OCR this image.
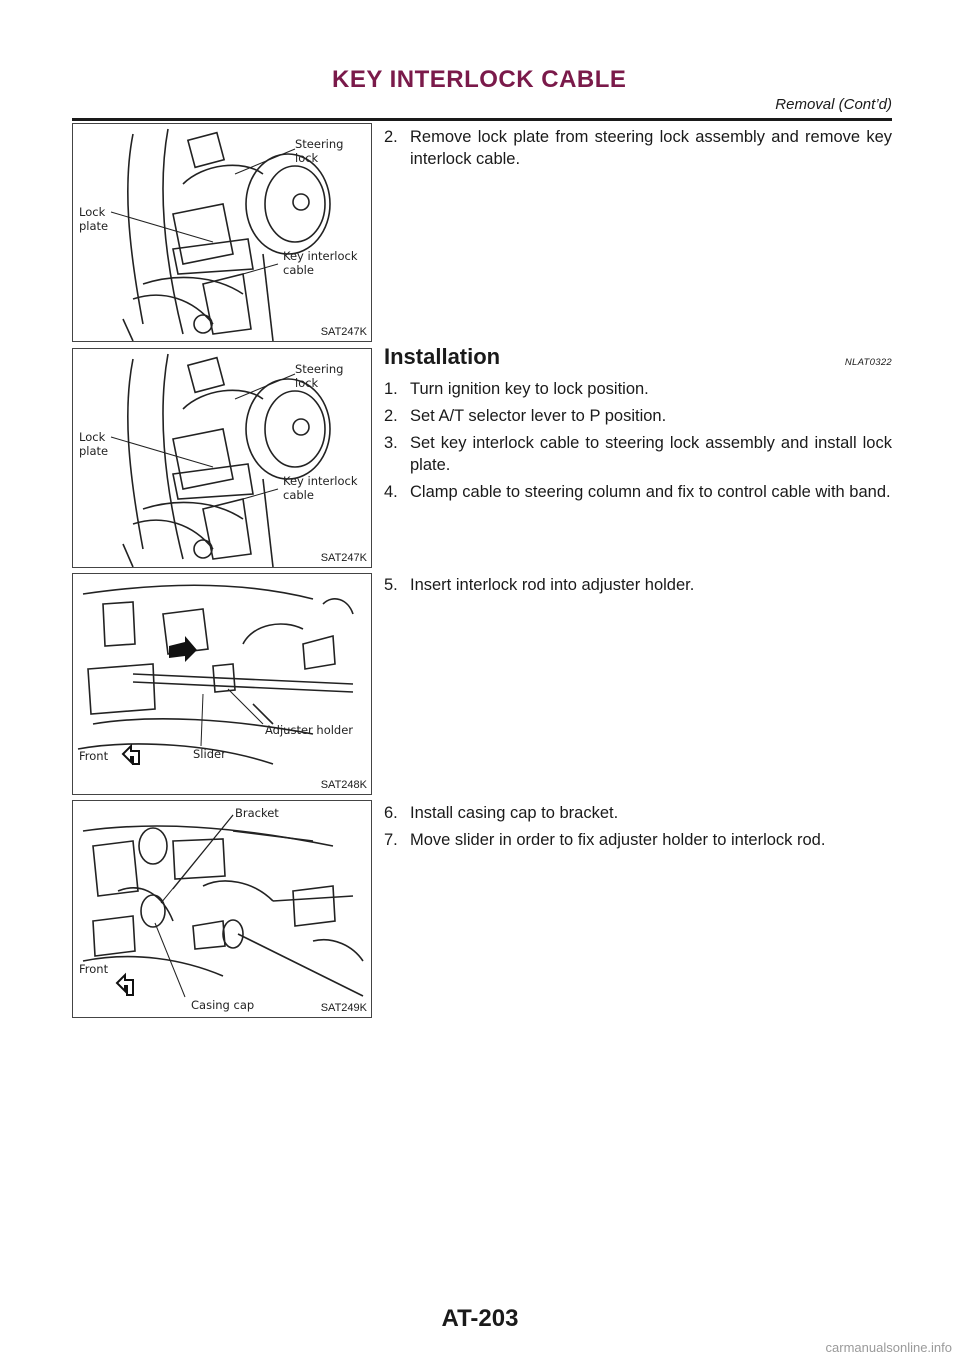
KEY INTERLOCK CABLE
Removal (Cont’d)
Steering
lock
Lock
plate
Key interlock
cable
SAT247K
Steering
lock
Lock
plate
Key interlock
cable
SAT247K
Adjuster holder
Slider
Front
SAT248K
Bracket
Casing cap
Front
SAT249K
2. Remove lock plate from steering lock assembly and remove key interlock cable.
Installation	NLAT0322
1. Turn ignition key to lock position.
2. Set A/T selector lever to P position.
3. Set key interlock cable to steering lock assembly and install lock plate.
4. Clamp cable to steering column and fix to control cable with band.
5. Insert interlock rod into adjuster holder.
6. Install casing cap to bracket.
7. Move slider in order to fix adjuster holder to interlock rod.
AT-203
carmanualsonline.info
